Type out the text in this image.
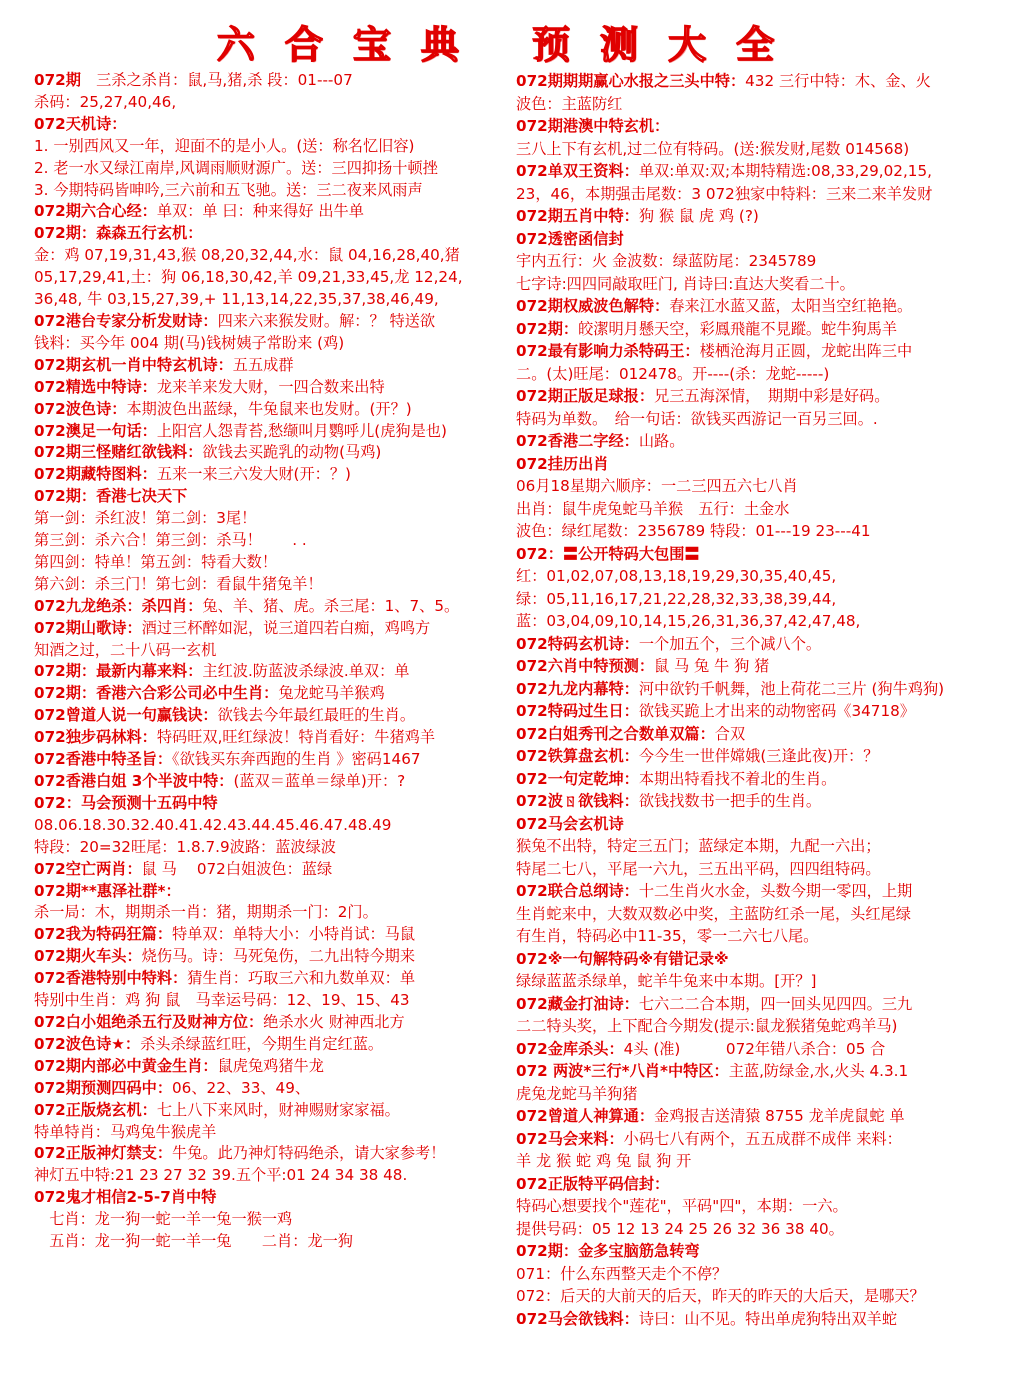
六合宝典 预测大全
072期　三杀之杀肖：鼠,马,猪,杀 段：01---07
杀码：25,27,40,46,
072天机诗：
1. 一别西风又一年，迎面不的是小人。(送：称名忆旧容)
2. 老一水又绿江南岸,风调雨顺财源广。送：三四抑扬十顿挫
3. 今期特码皆呻吟,三六前和五飞驰。送：三二夜来风雨声
072期六合心经：单双：单 曰：种来得好 出牛单
072期：森森五行玄机：
金：鸡 07,19,31,43,猴 08,20,32,44,水：鼠 04,16,28,40,猪
05,17,29,41,土：狗 06,18,30,42,羊 09,21,33,45,龙 12,24,
36,48, 牛 03,15,27,39,+ 11,13,14,22,35,37,38,46,49,
072港台专家分析发财诗：四来六来猴发财。解：？ 特送欲
钱料：买今年 004 期(马)钱树姨子常盼来 (鸡)
072期玄机一肖中特玄机诗：五五成群
072精选中特诗：龙来羊来发大财，一四合数来出特
072波色诗：本期波色出蓝绿，牛兔鼠来也发财。(开？)
072澳足一句话：上阳宫人怨青苔,愁缬叫月鹦呼儿(虎狗是也)
072期三怪赌红欲钱料：欲钱去买跪乳的动物(马鸡)
072期藏特图料：五来一来三六发大财(开：？)
072期：香港七决天下
第一剑：杀红波！第二剑：3尾！
第三剑：杀六合！第三剑：杀马！　　. .
第四剑：特单！第五剑：特看大数！
第六剑：杀三门！第七剑：看鼠牛猪兔羊！
072九龙绝杀：杀四肖：兔、羊、猪、虎。杀三尾：1、7、5。
072期山歌诗：酒过三杯醉如泥，说三道四若白痴，鸡鸣方
知酒之过，二十八码一玄机
072期：最新内幕来料：主红波.防蓝波杀绿波.单双：单
072期：香港六合彩公司必中生肖：兔龙蛇马羊猴鸡
072曾道人说一句赢钱诀：欲钱去今年最红最旺的生肖。
072独步码林料：特码旺双,旺红绿波！特肖看好：牛猪鸡羊
072香港中特圣旨：《欲钱买东奔西跑的生肖 》密码1467
072香港白姐 3个半波中特：(蓝双＝蓝单＝绿单)开：?
072：马会预测十五码中特
08.06.18.30.32.40.41.42.43.44.45.46.47.48.49
特段：20=32旺尾：1.8.7.9波路：蓝波绿波
072空亡两肖：鼠 马　 072白姐波色：蓝绿
072期**惠泽社群*：
杀一局：木，期期杀一肖：猪，期期杀一门：2门。
072我为特码狂篇：特单双：单特大小：小特肖试：马鼠
072期火车头：烧伤马。诗：马死兔伤，二九出特今期来
072香港特别中特料：猜生肖：巧取三六和九数单双：单
特别中生肖：鸡 狗 鼠　马幸运号码：12、19、15、43
072白小姐绝杀五行及财神方位：绝杀水火 财神西北方
072波色诗★：杀头杀绿蓝红旺，今期生肖定红蓝。
072期内部必中黄金生肖：鼠虎兔鸡猪牛龙
072期预测四码中：06、22、33、49、
072正版烧玄机：七上八下来风时，财神赐财家家福。
特单特肖：马鸡兔牛猴虎羊
072正版神灯禁支：牛兔。此乃神灯特码绝杀，请大家参考！
神灯五中特:21 23 27 32 39.五个平:01 24 34 38 48.
072鬼才相信2-5-7肖中特
　七肖：龙一狗一蛇一羊一兔一猴一鸡
　五肖：龙一狗一蛇一羊一兔　　二肖：龙一狗
072期期期赢心水报之三头中特：432 三行中特：木、金、火
波色：主蓝防红
072期港澳中特玄机：
三八上下有玄机,过二位有特码。(送:猴发财,尾数 014568)
072单双王资料：单双:单双:双;本期特精选:08,33,29,02,15,
23，46，本期强击尾数：3 072独家中特料：三来二来羊发财
072期五肖中特：狗 猴 鼠 虎 鸡 (?)
072透密函信封
宇内五行：火 金波数：绿蓝防尾：2345789
七字诗:四四同敲取旺门, 肖诗曰:直达大奖看二十。
072期权威波色解特：春来江水蓝又蓝，太阳当空红艳艳。
072期：皎潔明月懸天空，彩鳳飛龍不見蹤。蛇牛狗馬羊
072最有影响力杀特码王：楼栖沧海月正圆，龙蛇出阵三中
二。(太)旺尾：012478。开----(杀：龙蛇-----)
072期正版足球报：兄三五海深情，　期期中彩是好码。
特码为单数。　给一句话：欲钱买西游记一百另三回。.
072香港二字经：山路。
072挂历出肖
06月18星期六顺序：一二三四五六七八肖
出肖：鼠牛虎兔蛇马羊猴　五行：土金水
波色：绿红尾数：2356789 特段：01---19 23---41
072：〓公开特码大包围〓
红：01,02,07,08,13,18,19,29,30,35,40,45,
绿：05,11,16,17,21,22,28,32,33,38,39,44,
蓝：03,04,09,10,14,15,26,31,36,37,42,47,48,
072特码玄机诗：一个加五个，三个减八个。
072六肖中特预测：鼠 马 兔 牛 狗 猪
072九龙内幕特：河中欲钓千帆舞，池上荷花二三片 (狗牛鸡狗)
072特码过生日：欲钱买跪上才出来的动物密码《34718》
072白姐秀刊之合数单双篇：合双
072铁算盘玄机：今今生一世伴嫦娥(三逢此夜)开：？
072一句定乾坤：本期出特看找不着北的生肖。
072波ㄖ欲钱料：欲钱找数书一把手的生肖。
072马会玄机诗
猴兔不出特，特定三五门；蓝绿定本期，九配一六出；
特尾二七八，平尾一六九，三五出平码，四四组特码。
072联合总纲诗：十二生肖火水金，头数今期一零四，上期
生肖蛇来中，大数双数必中奖，主蓝防红杀一尾，头红尾绿
有生肖，特码必中11-35，零一二六七八尾。
072※一句解特码※有错记录※
绿绿蓝蓝杀绿单，蛇羊牛兔来中本期。[开？]
072藏金打油诗：七六二二合本期，四一回头见四四。三九
二二特头奖，上下配合今期发(提示:鼠龙猴猪兔蛇鸡羊马)
072金库杀头：4头 (准)　　　072年错八杀合：05 合
072 两波*三行*八肖*中特区：主蓝,防绿金,水,火头 4.3.1
虎兔龙蛇马羊狗猪
072曾道人神算通：金鸡报吉送清猿 8755 龙羊虎鼠蛇 单
072马会来料：小码七八有两个，五五成群不成伴 来料：
羊 龙 猴 蛇 鸡 兔 鼠 狗 开
072正版特平码信封：
特码心想要找个"莲花"，平码"四"，本期：一六。
提供号码：05 12 13 24 25 26 32 36 38 40。
072期：金多宝脑筋急转弯
071：什么东西整天走个不停？
072：后天的大前天的后天，昨天的昨天的大后天，是哪天？
072马会欲钱料：诗曰：山不见。特出单虎狗特出双羊蛇
